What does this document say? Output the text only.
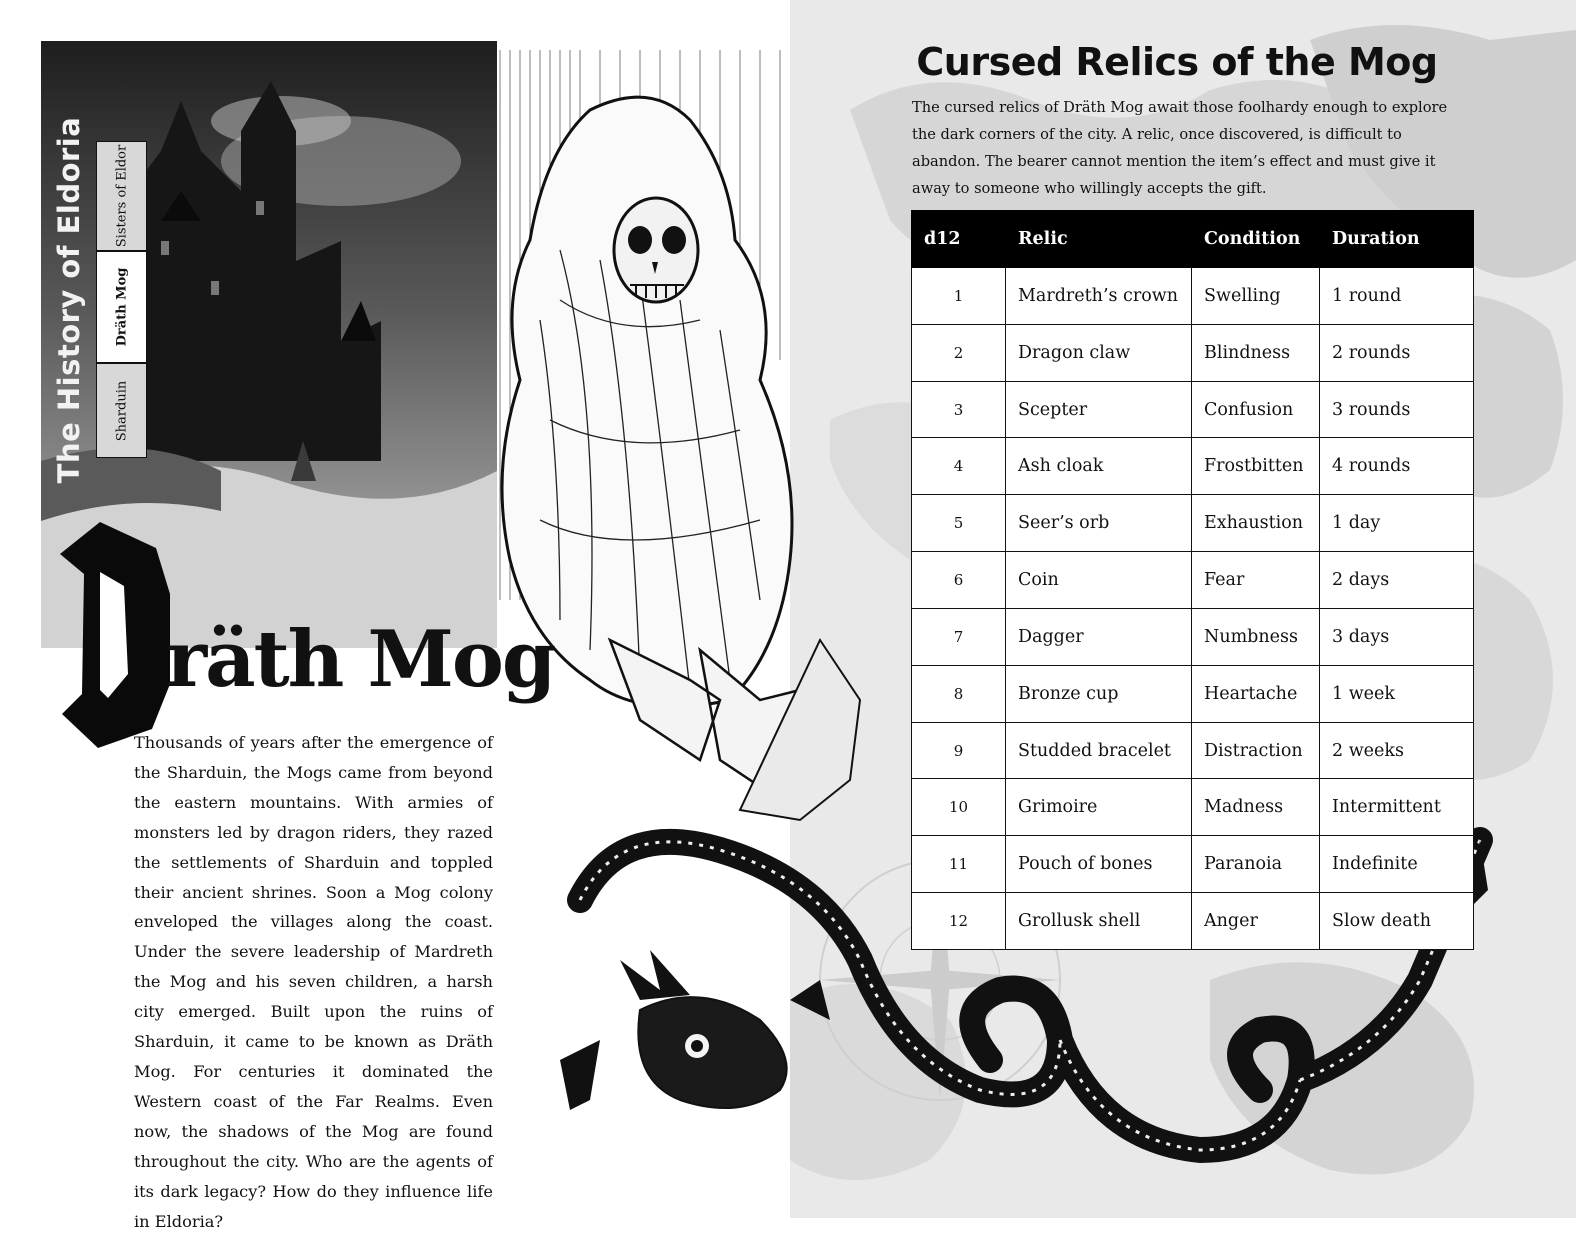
The History of Eldoria Sisters of Eldor
Dräth Mog
Sharduin
räth Mog
Thousands of years after the emergence of the Sharduin, the Mogs came from beyond the eastern mountains. With armies of monsters led by dragon riders, they razed the settlements of Sharduin and toppled their ancient shrines. Soon a Mog colony enveloped the villages along the coast. Under the severe leadership of Mardreth the Mog and his seven children, a harsh city emerged. Built upon the ruins of Sharduin, it came to be known as Dräth Mog. For centuries it dominated the Western coast of the Far Realms. Even now, the shadows of the Mog are found throughout the city. Who are the agents of its dark legacy? How do they influence life in Eldoria?
Cursed Relics of the Mog
The cursed relics of Dräth Mog await those foolhardy enough to explore the dark corners of the city. A relic, once discovered, is difficult to abandon. The bearer cannot mention the item’s effect and must give it away to someone who willingly accepts the gift.
d12	Relic	Condition	Duration
1	Mardreth’s crown	Swelling	1 round
2	Dragon claw	Blindness	2 rounds
3	Scepter	Confusion	3 rounds
4	Ash cloak	Frostbitten	4 rounds
5	Seer’s orb	Exhaustion	1 day
6	Coin	Fear	2 days
7	Dagger	Numbness	3 days
8	Bronze cup	Heartache	1 week
9	Studded bracelet	Distraction	2 weeks
10	Grimoire	Madness	Intermittent
11	Pouch of bones	Paranoia	Indefinite
12	Grollusk shell	Anger	Slow death
